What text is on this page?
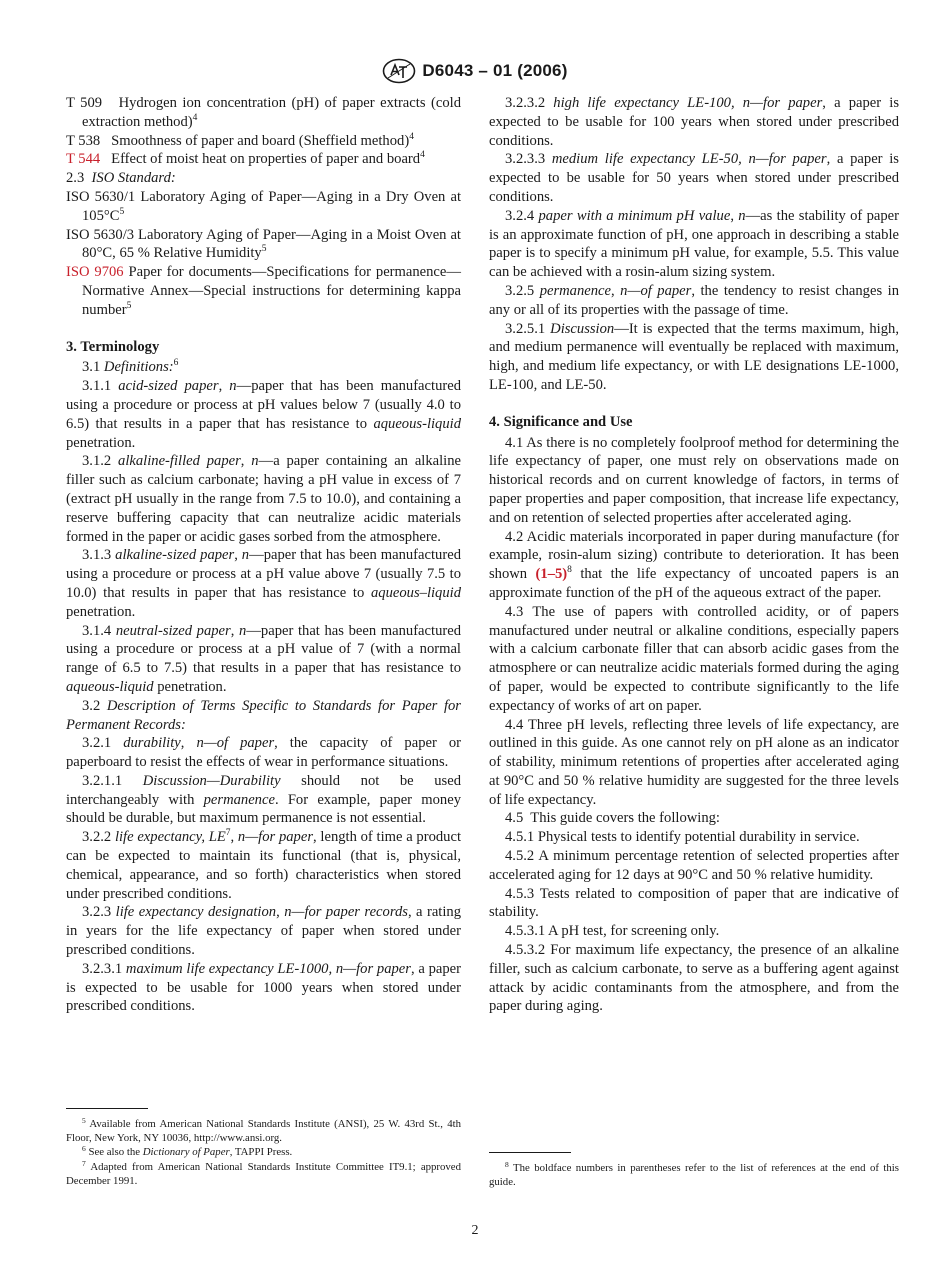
D6043 – 01 (2006)

T 509 Hydrogen ion concentration (pH) of paper extracts (cold extraction method)$^4$

T 538 Smoothness of paper and board (Sheffield method)$^4$

T 544 Effect of moist heat on properties of paper and board$^4$

2.3 ISO Standard:

ISO 5630/1 Laboratory Aging of Paper—Aging in a Dry Oven at $105^\circ C^5$

ISO 5630/3 Laboratory Aging of Paper—Aging in a Moist Oven at 80°C, 65 % Relative Humidity$^5$

ISO 9706 Paper for documents—Specifications for permanence—Normative Annex—Special instructions for determining kappa number$^5$

3. Terminology

3.1 Definitions:$^6$

3.1.1 acid-sized paper, n—paper that has been manufactured using a procedure or process at pH values below 7 (usually 4.0 to 6.5) that results in a paper that has resistance to aqueous-liquid penetration.

3.1.2 alkaline-filled paper, n—a paper containing an alkaline filler such as calcium carbonate; having a pH value in excess of 7 (extract pH usually in the range from 7.5 to 10.0), and containing a reserve buffering capacity that can neutralize acidic materials formed in the paper or acidic gases sorbed from the atmosphere.

3.1.3 alkaline-sized paper, n—paper that has been manufactured using a procedure or process at a pH value above 7 (usually 7.5 to 10.0) that results in paper that has resistance to aqueous–liquid penetration.

3.1.4 neutral-sized paper, n—paper that has been manufactured using a procedure or process at a pH value of 7 (with a normal range of 6.5 to 7.5) that results in a paper that has resistance to aqueous-liquid penetration.

3.2 Description of Terms Specific to Standards for Paper for Permanent Records:

3.2.1 durability, n—of paper, the capacity of paper or paperboard to resist the effects of wear in performance situations.

3.2.1.1 Discussion—Durability should not be used interchangeably with permanence. For example, paper money should be durable, but maximum permanence is not essential.

3.2.2 life expectancy, $LE^7$, n—for paper, length of time a product can be expected to maintain its functional (that is, physical, chemical, appearance, and so forth) characteristics when stored under prescribed conditions.

3.2.3 life expectancy designation, n—for paper records, a rating in years for the life expectancy of paper when stored under prescribed conditions.

3.2.3.1 maximum life expectancy LE-1000, n—for paper, a paper is expected to be usable for 1000 years when stored under prescribed conditions.

3.2.3.2 high life expectancy LE-100, n—for paper, a paper is expected to be usable for 100 years when stored under prescribed conditions.

3.2.3.3 medium life expectancy LE-50, n—for paper, a paper is expected to be usable for 50 years when stored under prescribed conditions.

3.2.4 paper with a minimum pH value, n—as the stability of paper is an approximate function of pH, one approach in describing a stable paper is to specify a minimum pH value, for example, 5.5. This value can be achieved with a rosin-alum sizing system.

3.2.5 permanence, n—of paper, the tendency to resist changes in any or all of its properties with the passage of time.

3.2.5.1 Discussion—It is expected that the terms maximum, high, and medium permanence will eventually be replaced with maximum, high, and medium life expectancy, or with LE designations LE-1000, LE-100, and LE-50.

4. Significance and Use

4.1 As there is no completely foolproof method for determining the life expectancy of paper, one must rely on observations made on historical records and on current knowledge of factors, in terms of paper properties and paper composition, that increase life expectancy, and on retention of selected properties after accelerated aging.

4.2 Acidic materials incorporated in paper during manufacture (for example, rosin-alum sizing) contribute to deterioration. It has been shown $(1-5)^8$ that the life expectancy of uncoated papers is an approximate function of the pH of the aqueous extract of the paper.

4.3 The use of papers with controlled acidity, or of papers manufactured under neutral or alkaline conditions, especially papers with a calcium carbonate filler that can absorb acidic gases from the atmosphere or can neutralize acidic materials formed during the aging of paper, would be expected to contribute significantly to the life expectancy of works of art on paper.

4.4 Three pH levels, reflecting three levels of life expectancy, are outlined in this guide. As one cannot rely on pH alone as an indicator of stability, minimum retentions of properties after accelerated aging at 90°C and 50 % relative humidity are suggested for the three levels of life expectancy.

4.5 This guide covers the following:

4.5.1 Physical tests to identify potential durability in service.

4.5.2 A minimum percentage retention of selected properties after accelerated aging for 12 days at 90°C and 50 % relative humidity.

4.5.3 Tests related to composition of paper that are indicative of stability.

4.5.3.1 A pH test, for screening only.

4.5.3.2 For maximum life expectancy, the presence of an alkaline filler, such as calcium carbonate, to serve as a buffering agent against attack by acidic contaminants from the atmosphere, and from the paper during aging.

$^5$ Available from American National Standards Institute (ANSI), 25 W. 43rd St., 4th Floor, New York, NY 10036, http://www.ansi.org.

$^6$ See also the Dictionary of Paper, TAPPI Press.

$^7$ Adapted from American National Standards Institute Committee IT9.1; approved December 1991.

$^8$ The boldface numbers in parentheses refer to the list of references at the end of this guide.

2
